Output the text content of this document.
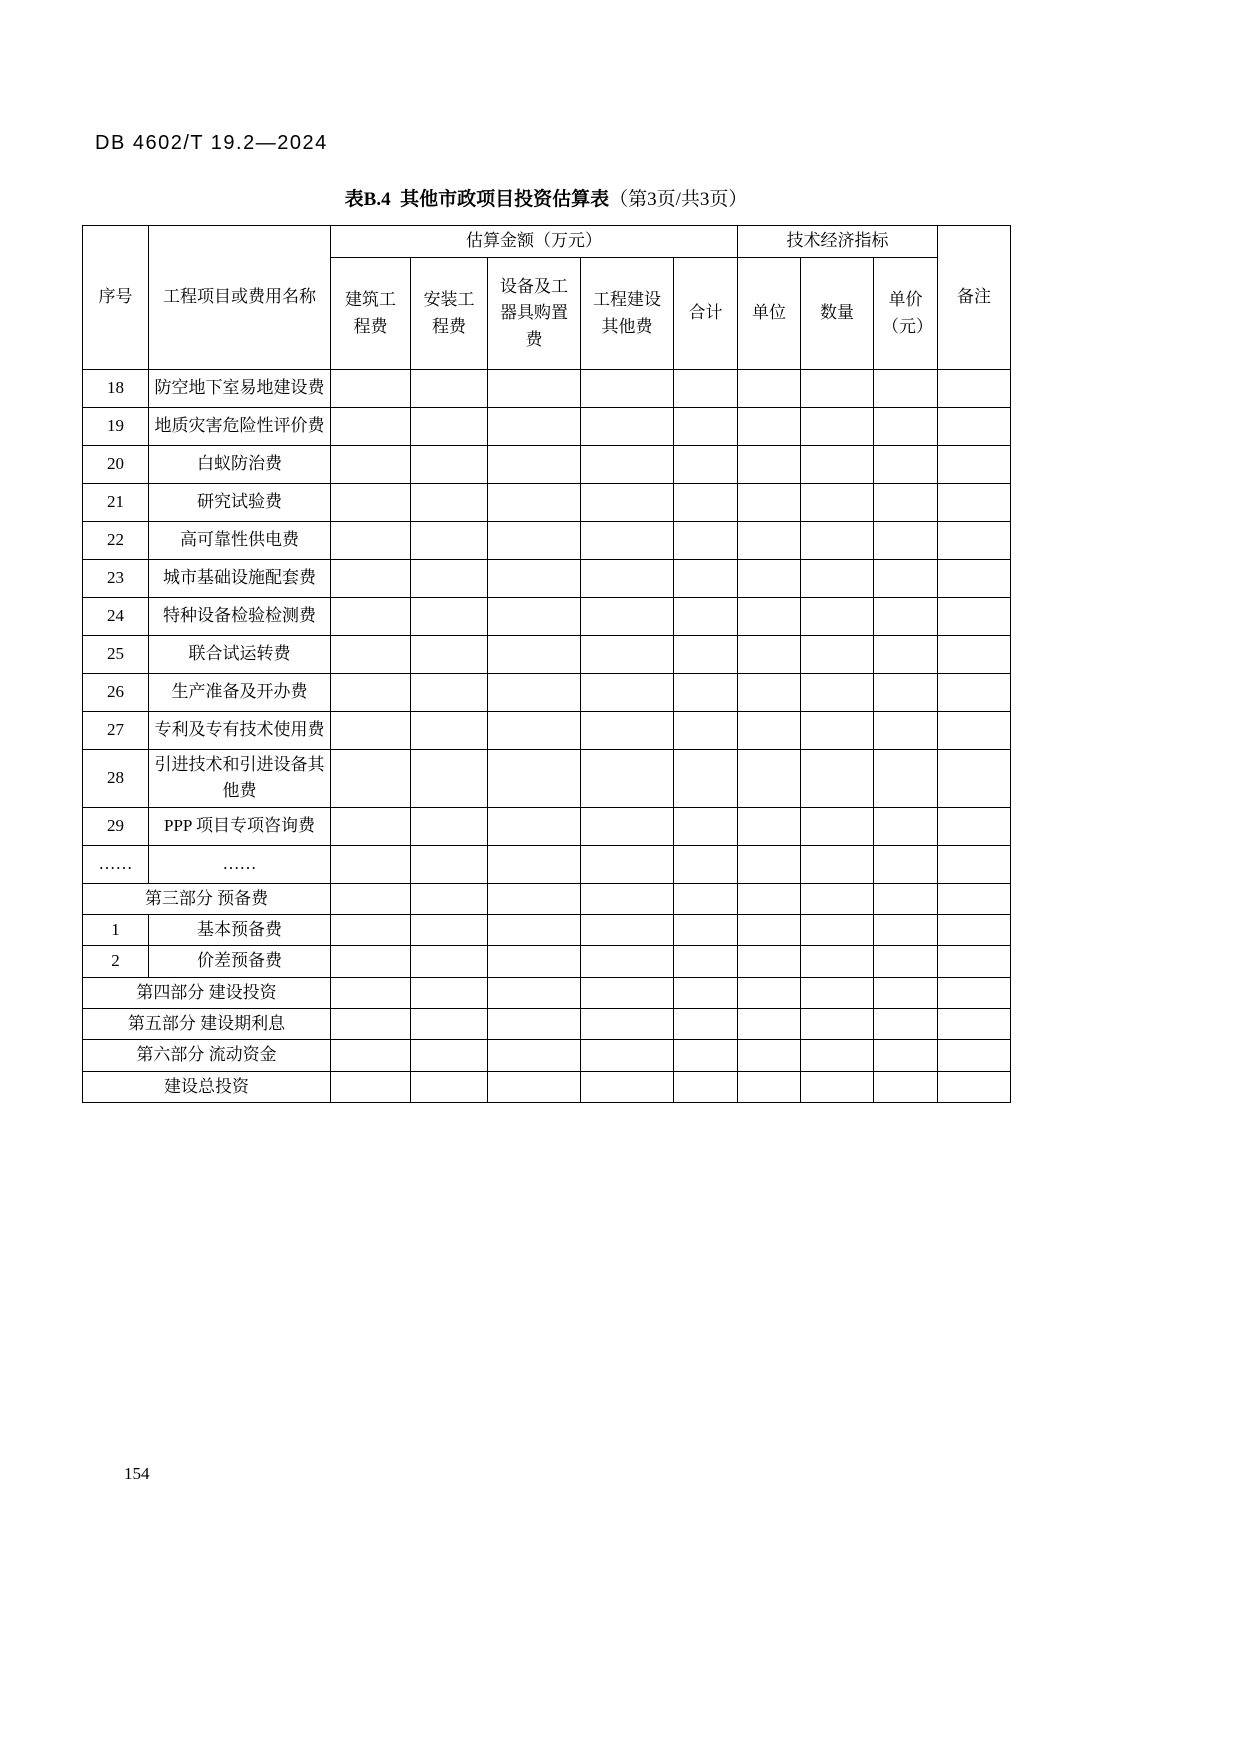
DB 4602/T 19.2—2024
表B.4  其他市政项目投资估算表（第3页/共3页）
序号	工程项目或费用名称	估算金额（万元）					技术经济指标			备注
		建筑工程费	安装工程费	设备及工器具购置费	工程建设其他费	合计	单位	数量	单价（元）	
18	防空地下室易地建设费									
19	地质灾害危险性评价费									
20	白蚁防治费									
21	研究试验费									
22	高可靠性供电费									
23	城市基础设施配套费									
24	特种设备检验检测费									
25	联合试运转费									
26	生产准备及开办费									
27	专利及专有技术使用费									
28	引进技术和引进设备其他费									
29	PPP 项目专项咨询费									
……	……									
第三部分 预备费										
1	基本预备费									
2	价差预备费									
第四部分 建设投资										
第五部分 建设期利息										
第六部分 流动资金										
建设总投资										
154
